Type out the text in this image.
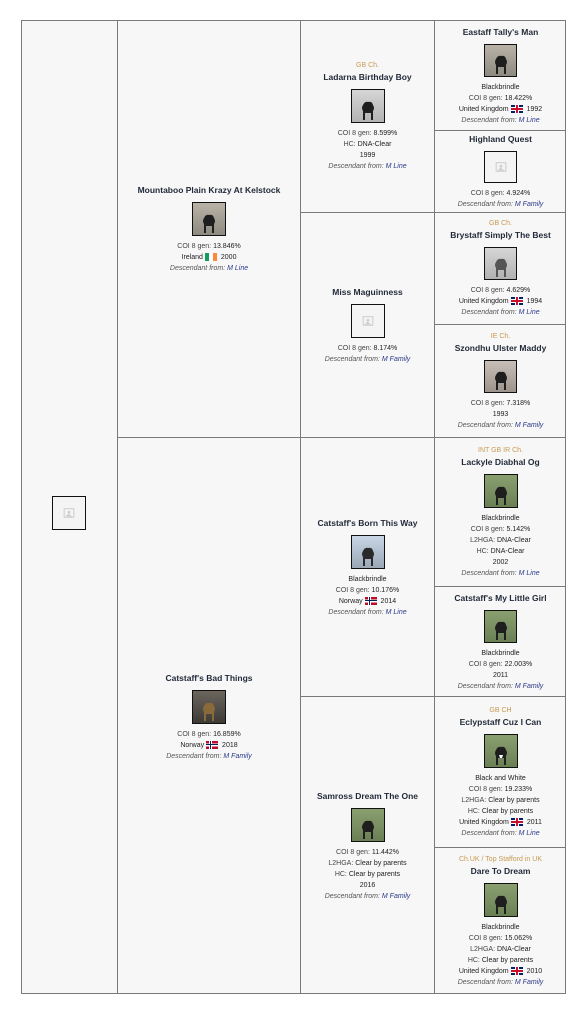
Mountaboo Plain Krazy At Kelstock
COI 8 gen: 13.846%
Ireland	2000
Descendant from: M Line
Catstaff's Bad Things
COI 8 gen: 16.859%
Norway	2018
Descendant from: M Family
GB Ch.
Ladarna Birthday Boy
COI 8 gen: 8.599%
HC: DNA-Clear
1999
Descendant from: M Line
Miss Maguinness
COI 8 gen: 8.174%
Descendant from: M Family
Catstaff's Born This Way
Blackbrindle
COI 8 gen: 10.176%
Norway	2014
Descendant from: M Line
Samross Dream The One
COI 8 gen: 11.442%
L2HGA: Clear by parents
HC: Clear by parents
2016
Descendant from: M Family
Eastaff Tally's Man
Blackbrindle
COI 8 gen: 18.422%
United Kingdom	1992
Descendant from: M Line
Highland Quest
COI 8 gen: 4.924%
Descendant from: M Family
GB Ch.
Brystaff Simply The Best
COI 8 gen: 4.629%
United Kingdom	1994
Descendant from: M Line
IE Ch.
Szondhu Ulster Maddy
COI 8 gen: 7.318%
1993
Descendant from: M Family
INT GB IR Ch.
Lackyle Diabhal Og
Blackbrindle
COI 8 gen: 5.142%
L2HGA: DNA-Clear
HC: DNA-Clear
2002
Descendant from: M Line
Catstaff's My Little Girl
Blackbrindle
COI 8 gen: 22.003%
2011
Descendant from: M Family
GB CH
Eclypstaff Cuz I Can
Black and White
COI 8 gen: 19.233%
L2HGA: Clear by parents
HC: Clear by parents
United Kingdom	2011
Descendant from: M Line
Ch.UK / Top Stafford in UK
Dare To Dream
Blackbrindle
COI 8 gen: 15.062%
L2HGA: DNA-Clear
HC: Clear by parents
United Kingdom	2010
Descendant from: M Family
